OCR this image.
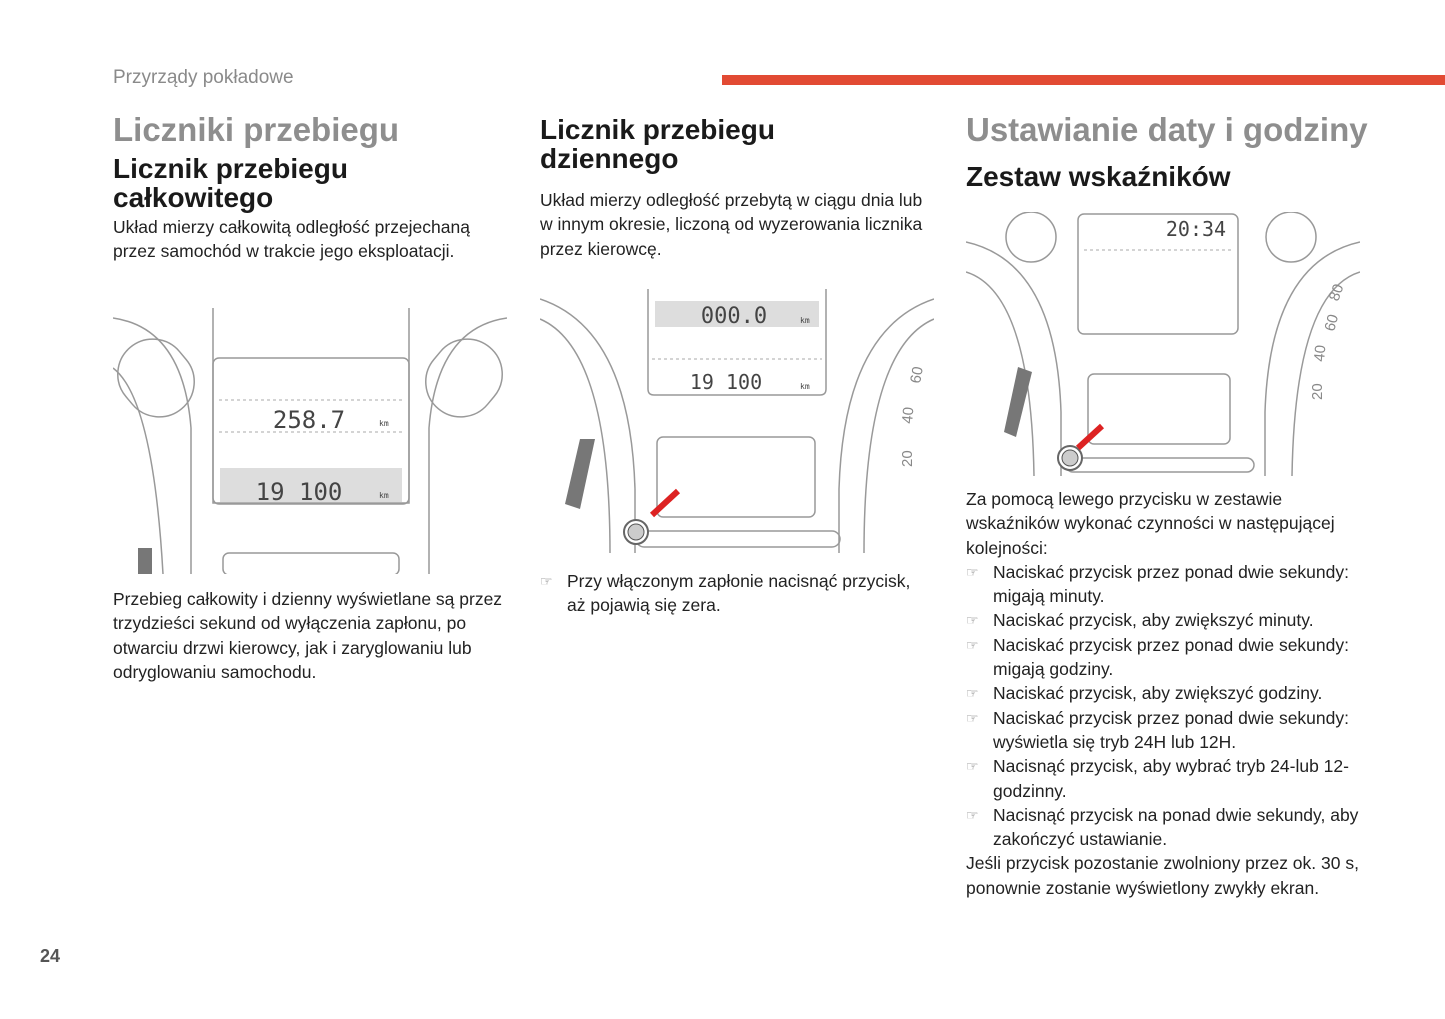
Przyrządy pokładowe
Liczniki przebiegu
Licznik przebiegu całkowitego

Układ mierzy całkowitą odległość przejechaną przez samochód w trakcie jego eksploatacji.

258.7	km
19 100	km

Przebieg całkowity i dzienny wyświetlane są przez trzydzieści sekund od wyłączenia zapłonu, po otwarciu drzwi kierowcy, jak i zaryglowaniu lub odryglowaniu samochodu.

Licznik przebiegu dziennego

Układ mierzy odległość przebytą w ciągu dnia lub w innym okresie, liczoną od wyzerowania licznika przez kierowcę.

000.0	km
19 100	km
60
40
20
☞ Przy włączonym zapłonie nacisnąć przycisk, aż pojawią się zera.
Ustawianie daty i godziny
Zestaw wskaźników
20:34
80
60
40
20

Za pomocą lewego przycisku w zestawie wskaźników wykonać czynności w następującej kolejności:

☞ Naciskać przycisk przez ponad dwie sekundy: migają minuty.
☞ Naciskać przycisk, aby zwiększyć minuty.
☞ Naciskać przycisk przez ponad dwie sekundy: migają godziny.
☞ Naciskać przycisk, aby zwiększyć godziny.
☞ Naciskać przycisk przez ponad dwie sekundy: wyświetla się tryb 24H lub 12H.
☞ Nacisnąć przycisk, aby wybrać tryb 24-lub 12-godzinny.
☞ Nacisnąć przycisk na ponad dwie sekundy, aby zakończyć ustawianie.

Jeśli przycisk pozostanie zwolniony przez ok. 30 s, ponownie zostanie wyświetlony zwykły ekran.

24
